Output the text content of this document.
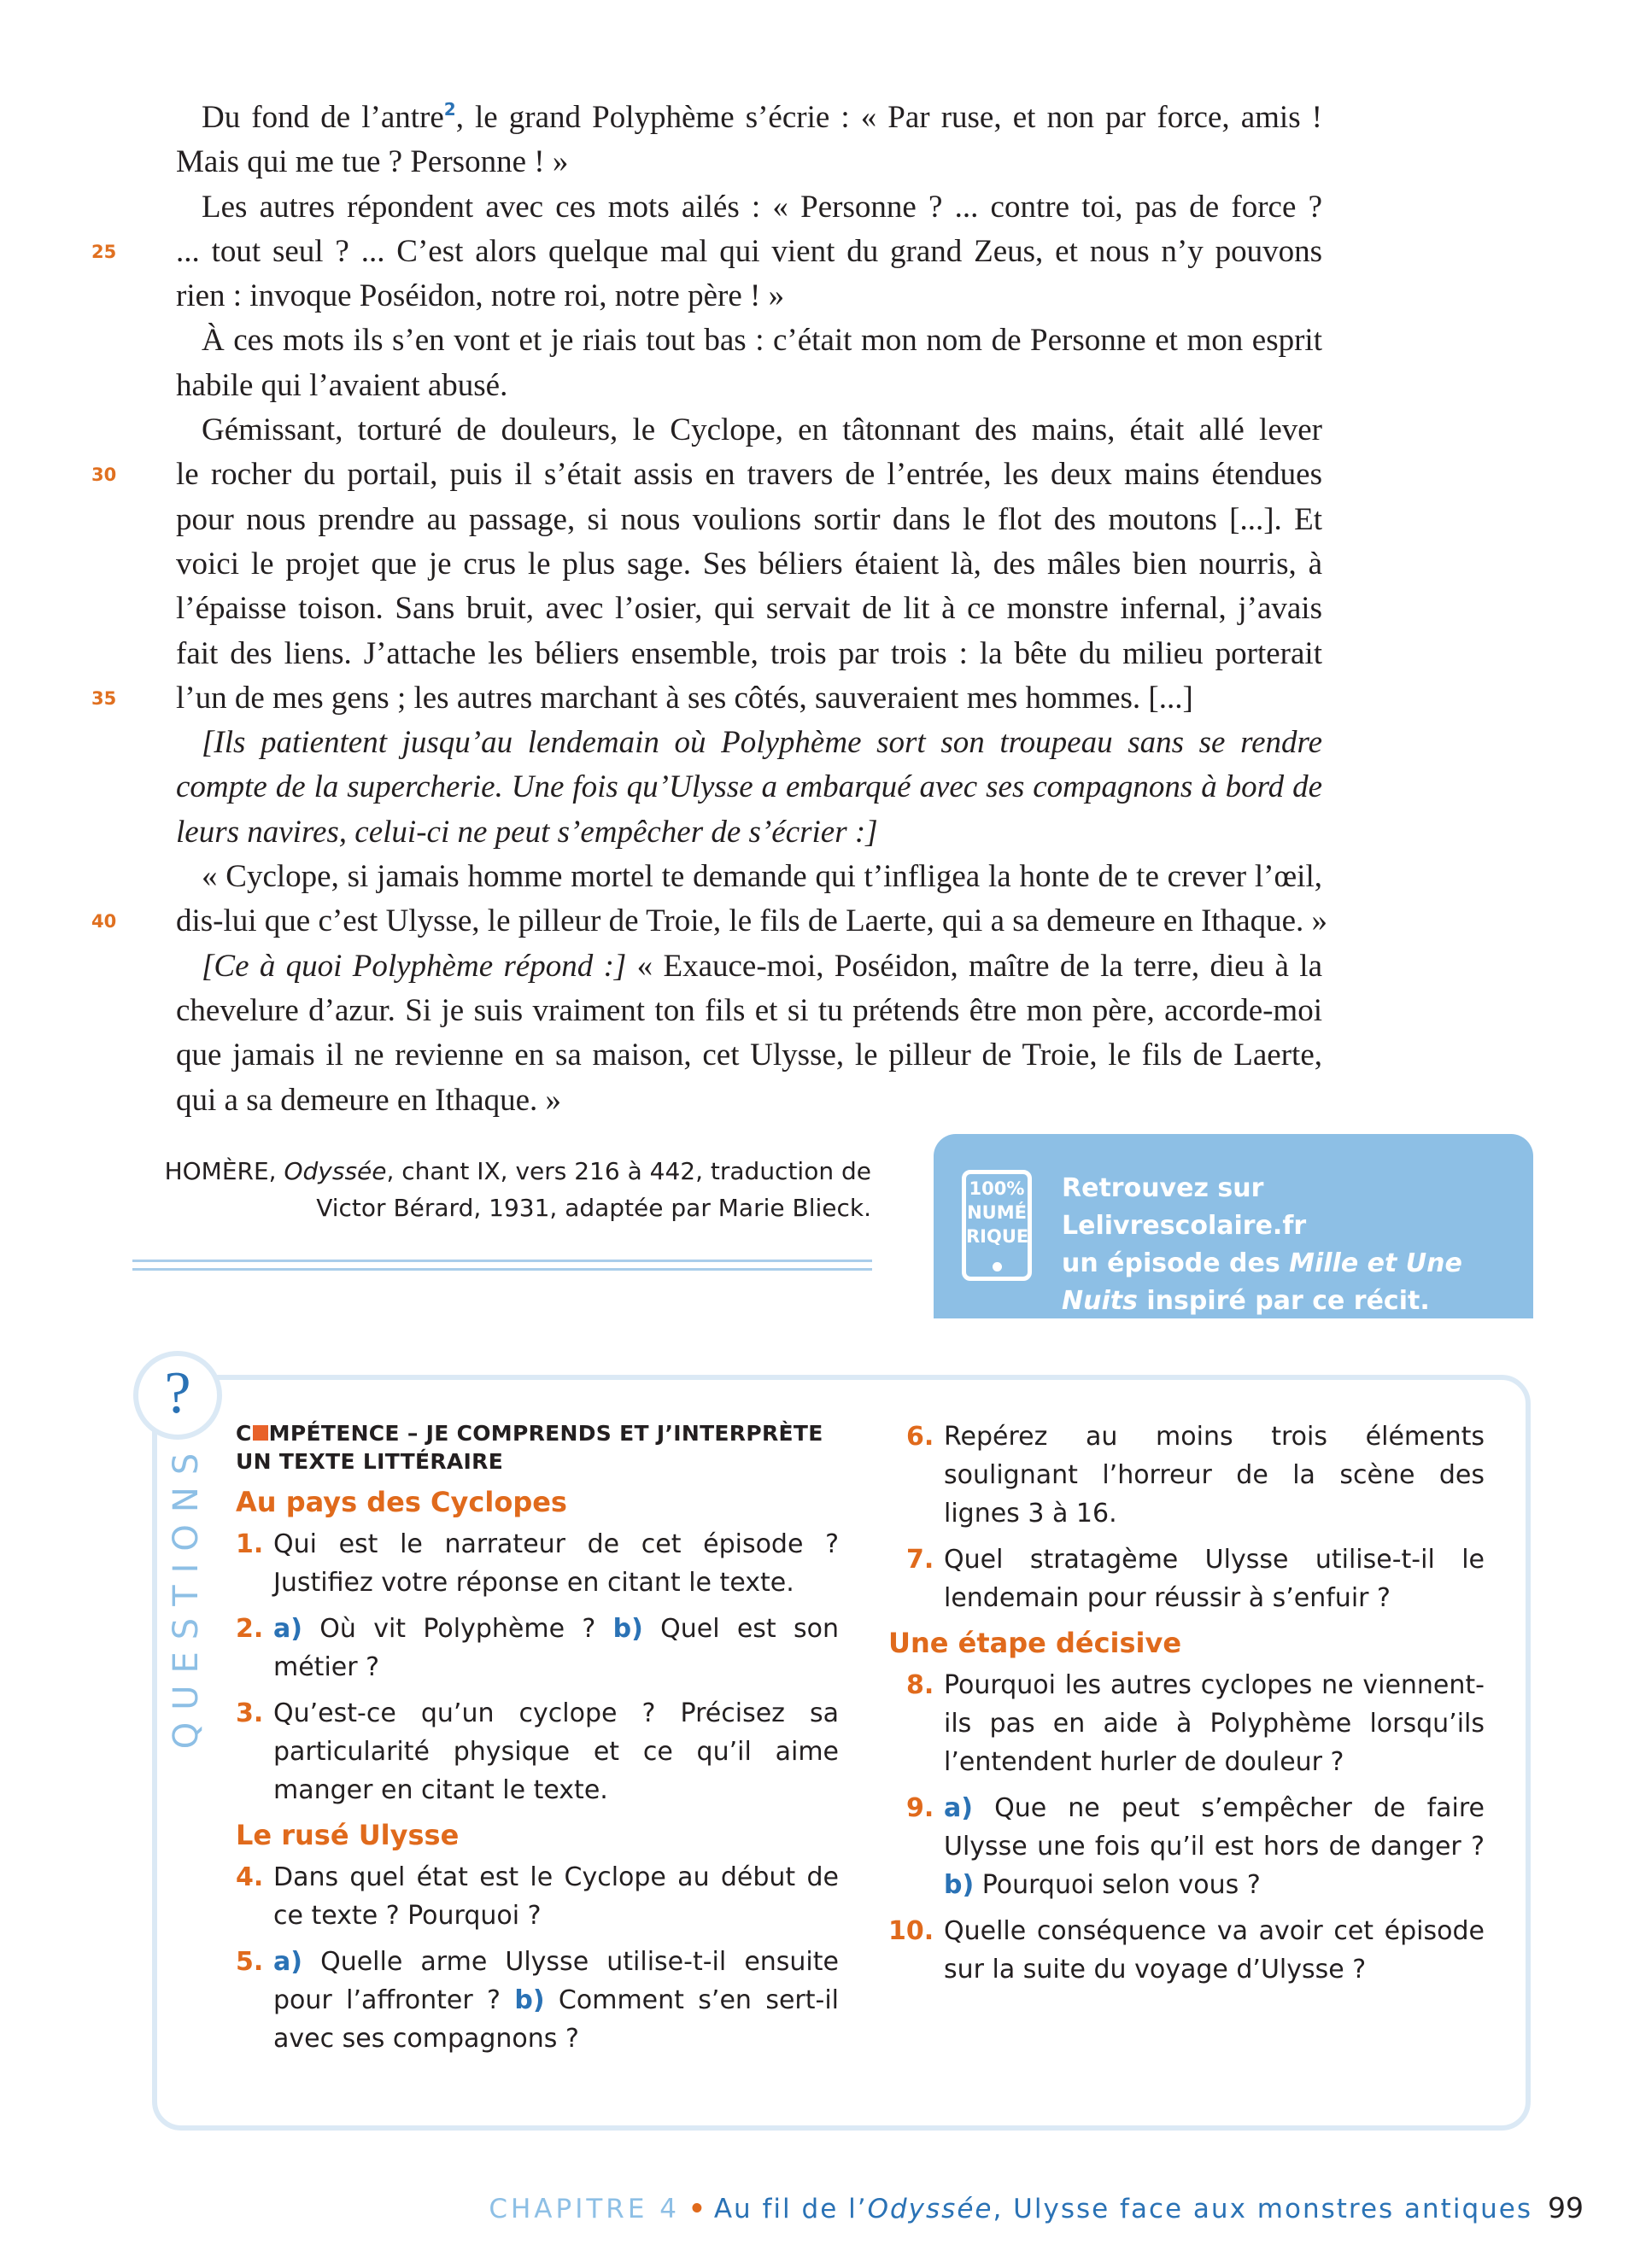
Du fond de l’antre$^2$, le grand Polyphème s’écrie : « Par ruse, et non par force, amis !
Mais qui me tue ? Personne ! »
Les autres répondent avec ces mots ailés : « Personne ? ... contre toi, pas de force ?
25	... tout seul ? ... C’est alors quelque mal qui vient du grand Zeus, et nous n’y pouvons
rien : invoque Poséidon, notre roi, notre père ! »
À ces mots ils s’en vont et je riais tout bas : c’était mon nom de Personne et mon esprit
habile qui l’avaient abusé.
Gémissant, torturé de douleurs, le Cyclope, en tâtonnant des mains, était allé lever
30	le rocher du portail, puis il s’était assis en travers de l’entrée, les deux mains étendues
pour nous prendre au passage, si nous voulions sortir dans le flot des moutons [...]. Et
voici le projet que je crus le plus sage. Ses béliers étaient là, des mâles bien nourris, à
l’épaisse toison. Sans bruit, avec l’osier, qui servait de lit à ce monstre infernal, j’avais
fait des liens. J’attache les béliers ensemble, trois par trois : la bête du milieu porterait
35	l’un de mes gens ; les autres marchant à ses côtés, sauveraient mes hommes. [...]
[Ils patientent jusqu’au lendemain où Polyphème sort son troupeau sans se rendre
compte de la supercherie. Une fois qu’Ulysse a embarqué avec ses compagnons à bord de
leurs navires, celui-ci ne peut s’empêcher de s’écrier :]
« Cyclope, si jamais homme mortel te demande qui t’infligea la honte de te crever l’œil,
40	dis-lui que c’est Ulysse, le pilleur de Troie, le fils de Laerte, qui a sa demeure en Ithaque. »
[Ce à quoi Polyphème répond :] « Exauce-moi, Poséidon, maître de la terre, dieu à la
chevelure d’azur. Si je suis vraiment ton fils et si tu prétends être mon père, accorde-moi
que jamais il ne revienne en sa maison, cet Ulysse, le pilleur de Troie, le fils de Laerte,
qui a sa demeure en Ithaque. »
HOMÈRE, Odyssée, chant IX, vers 216 à 442, traduction de
Victor Bérard, 1931, adaptée par Marie Blieck.
100%
NUMÉ
RIQUE
Retrouvez sur Lelivrescolaire.fr
un épisode des Mille et Une
Nuits inspiré par ce récit.
?
QUESTIONS
C MPÉTENCE – JE COMPRENDS ET J’INTERPRÈTE UN TEXTE LITTÉRAIRE
Au pays des Cyclopes
1. Qui est le narrateur de cet épisode ? Justifiez votre réponse en citant le texte.
2. a) Où vit Polyphème ? b) Quel est son métier ?
3. Qu’est-ce qu’un cyclope ? Précisez sa particularité physique et ce qu’il aime manger en citant le texte.
Le rusé Ulysse
4. Dans quel état est le Cyclope au début de ce texte ? Pourquoi ?
5. a) Quelle arme Ulysse utilise-t-il ensuite pour l’affronter ? b) Comment s’en sert-il avec ses compagnons ?
6. Repérez au moins trois éléments soulignant l’horreur de la scène des lignes 3 à 16.
7. Quel stratagème Ulysse utilise-t-il le lendemain pour réussir à s’enfuir ?
Une étape décisive
8. Pourquoi les autres cyclopes ne viennent-ils pas en aide à Polyphème lorsqu’ils l’entendent hurler de douleur ?
9. a) Que ne peut s’empêcher de faire Ulysse une fois qu’il est hors de danger ? b) Pourquoi selon vous ?
10. Quelle conséquence va avoir cet épisode sur la suite du voyage d’Ulysse ?
CHAPITRE 4 • Au fil de l’Odyssée, Ulysse face aux monstres antiques 99
